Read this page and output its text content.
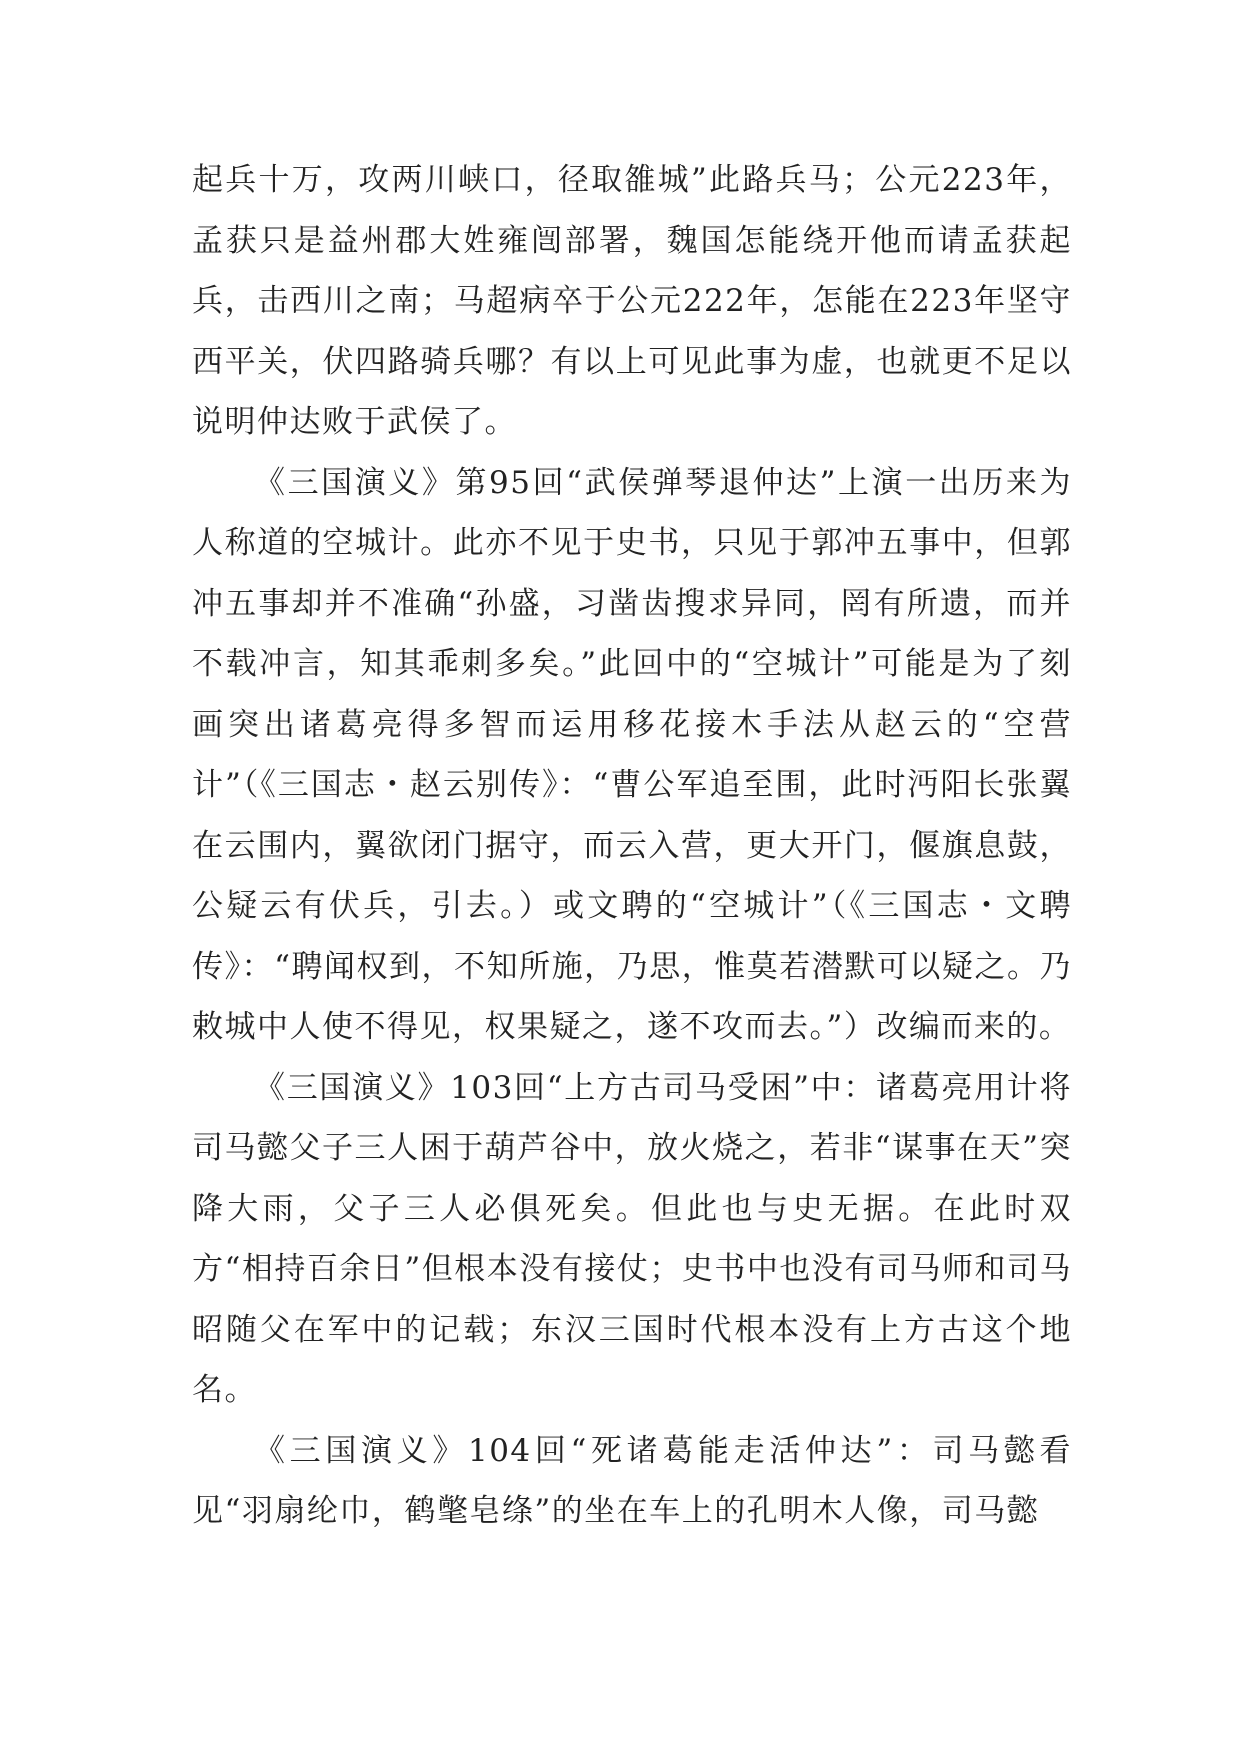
起兵十万，攻两川峡口，径取雒城”此路兵马；公元223年，孟获只是益州郡大姓雍闿部署，魏国怎能绕开他而请孟获起兵，击西川之南；马超病卒于公元222年，怎能在223年坚守西平关，伏四路骑兵哪？有以上可见此事为虚，也就更不足以说明仲达败于武侯了。

《三国演义》第95回“武侯弹琴退仲达”上演一出历来为人称道的空城计。此亦不见于史书，只见于郭冲五事中，但郭冲五事却并不准确“孙盛，习凿齿搜求异同，罔有所遗，而并不载冲言，知其乖刺多矣。”此回中的“空城计”可能是为了刻画突出诸葛亮得多智而运用移花接木手法从赵云的“空营计”（《三国志・赵云别传》：“曹公军追至围，此时沔阳长张翼在云围内，翼欲闭门据守，而云入营，更大开门，偃旗息鼓，公疑云有伏兵，引去。）或文聘的“空城计”（《三国志・文聘传》：“聘闻权到，不知所施，乃思，惟莫若潜默可以疑之。乃敕城中人使不得见，权果疑之，遂不攻而去。”）改编而来的。

《三国演义》103回“上方古司马受困”中：诸葛亮用计将司马懿父子三人困于葫芦谷中，放火烧之，若非“谋事在天”突降大雨，父子三人必俱死矣。但此也与史无据。在此时双方“相持百余日”但根本没有接仗；史书中也没有司马师和司马昭随父在军中的记载；东汉三国时代根本没有上方古这个地名。

《三国演义》104回“死诸葛能走活仲达”：司马懿看见“羽扇纶巾，鹤氅皂绦”的坐在车上的孔明木人像，司马懿
